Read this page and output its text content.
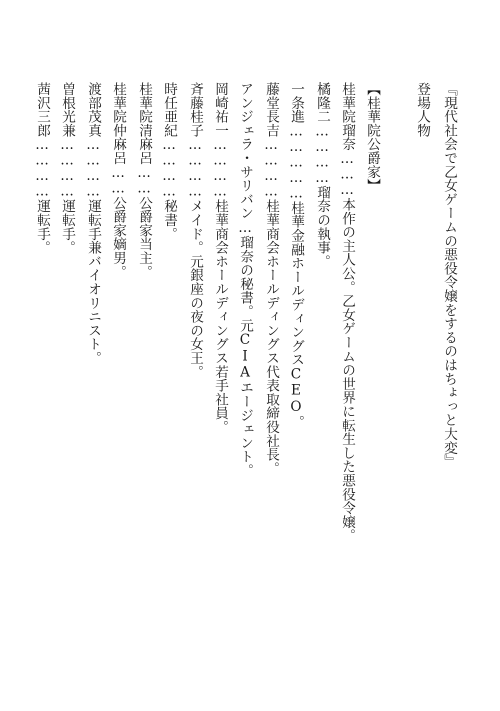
『現代社会で乙女ゲームの悪役令嬢をするのはちょっと大変』
登場人物
【桂華院公爵家】
桂華院瑠奈………本作の主人公。乙女ゲームの世界に転生した悪役令嬢。
橘隆二…………瑠奈の執事。
一条進……………桂華金融ホールディングスCEO。
藤堂長吉…………桂華商会ホールディングス代表取締役社長。
アンジェラ・サリバン…瑠奈の秘書。元CIAエージェント。
岡崎祐一…………桂華商会ホールディングス若手社員。
斉藤桂子…………メイド。元銀座の夜の女王。
時任亜紀…………秘書。
桂華院清麻呂……公爵家当主。
桂華院仲麻呂……公爵家嫡男。
渡部茂真…………運転手兼バイオリニスト。
曽根光兼…………運転手。
茜沢三郎…………運転手。
